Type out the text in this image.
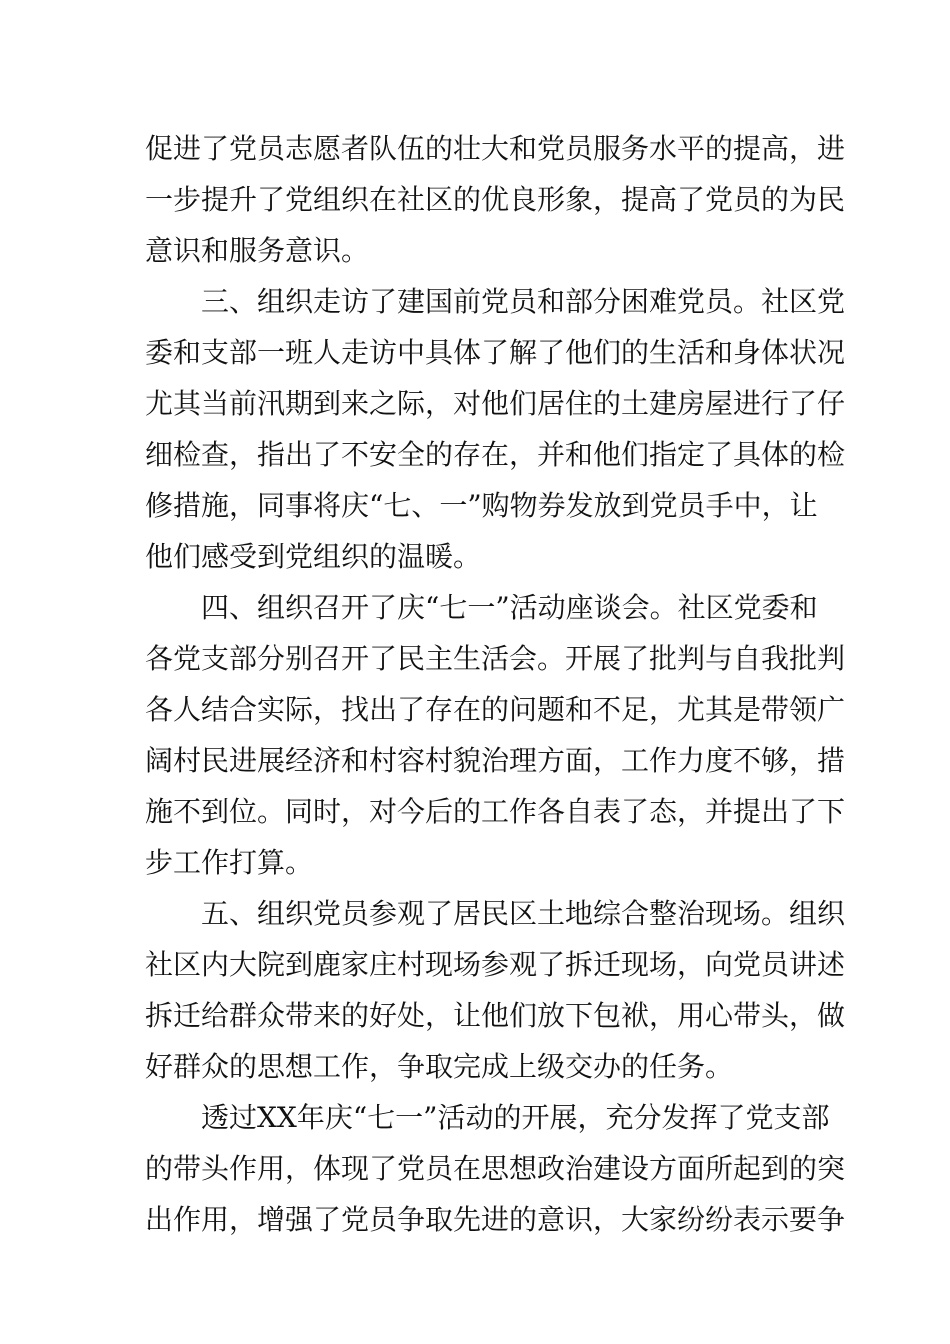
促进了党员志愿者队伍的壮大和党员服务水平的提高，进
一步提升了党组织在社区的优良形象，提高了党员的为民
意识和服务意识。
三、组织走访了建国前党员和部分困难党员。社区党
委和支部一班人走访中具体了解了他们的生活和身体状况
尤其当前汛期到来之际，对他们居住的土建房屋进行了仔
细检查，指出了不安全的存在，并和他们指定了具体的检
修措施，同事将庆“七、一”购物券发放到党员手中，让
他们感受到党组织的温暖。
四、组织召开了庆“七一”活动座谈会。社区党委和
各党支部分别召开了民主生活会。开展了批判与自我批判
各人结合实际，找出了存在的问题和不足，尤其是带领广
阔村民进展经济和村容村貌治理方面，工作力度不够，措
施不到位。同时，对今后的工作各自表了态，并提出了下
步工作打算。
五、组织党员参观了居民区土地综合整治现场。组织
社区内大院到鹿家庄村现场参观了拆迁现场，向党员讲述
拆迁给群众带来的好处，让他们放下包袱，用心带头，做
好群众的思想工作，争取完成上级交办的任务。
透过XX年庆“七一”活动的开展，充分发挥了党支部
的带头作用，体现了党员在思想政治建设方面所起到的突
出作用，增强了党员争取先进的意识，大家纷纷表示要争
